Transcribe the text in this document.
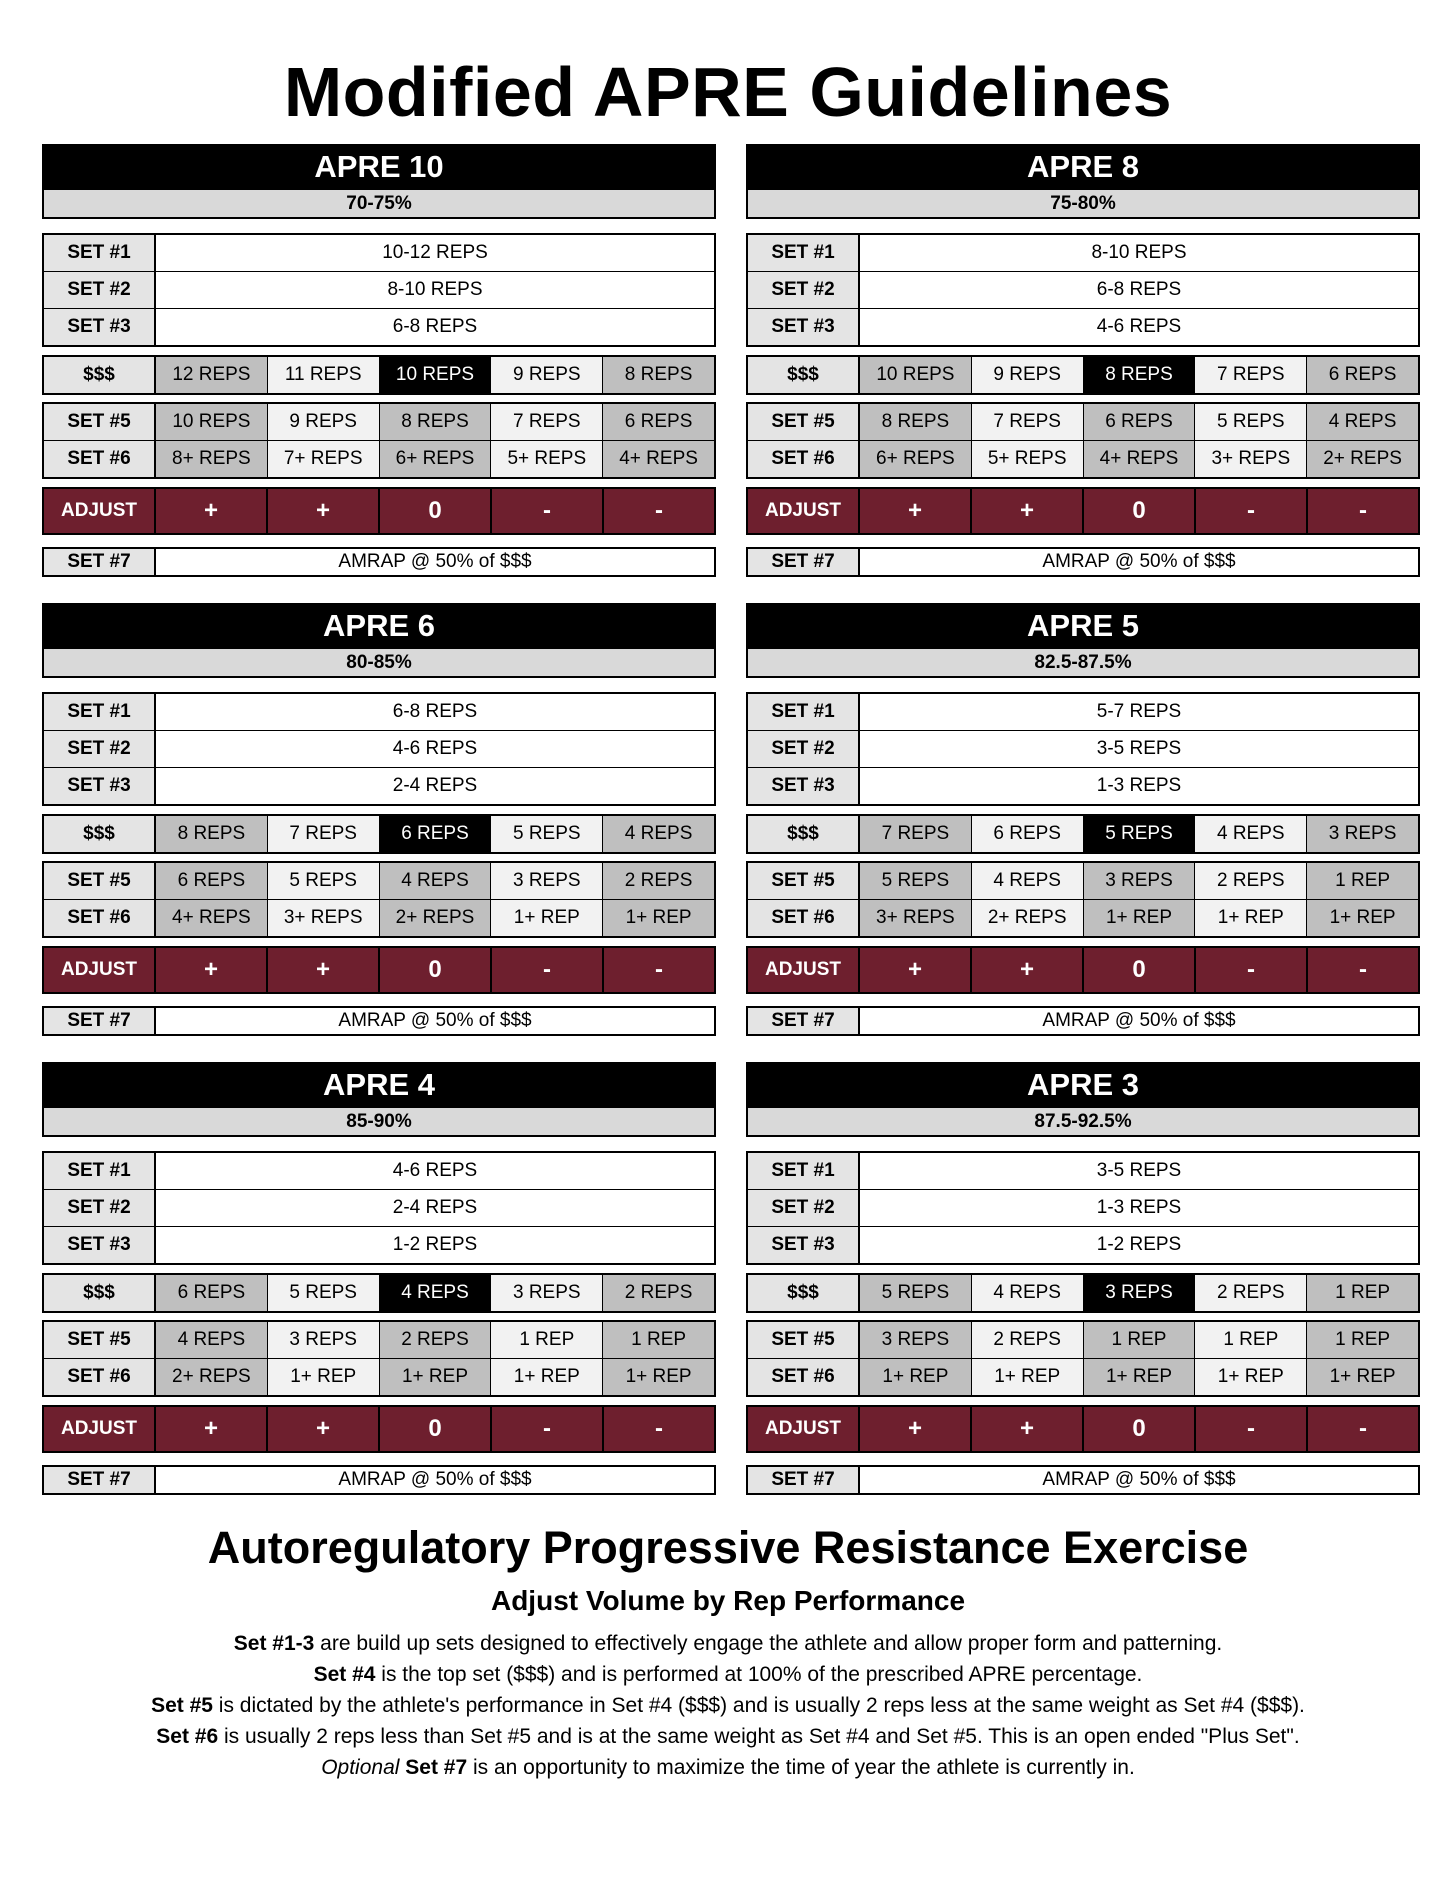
Modified APRE Guidelines
APRE 10
70-75%
SET #1	10-12 REPS
SET #2	8-10 REPS
SET #3	6-8 REPS
$$$	12 REPS	11 REPS	10 REPS	9 REPS	8 REPS
SET #5	10 REPS	9 REPS	8 REPS	7 REPS	6 REPS
SET #6	8+ REPS	7+ REPS	6+ REPS	5+ REPS	4+ REPS
ADJUST	+	+	0	-	-
SET #7	AMRAP @ 50% of $$$
APRE 8
75-80%
SET #1	8-10 REPS
SET #2	6-8 REPS
SET #3	4-6 REPS
$$$	10 REPS	9 REPS	8 REPS	7 REPS	6 REPS
SET #5	8 REPS	7 REPS	6 REPS	5 REPS	4 REPS
SET #6	6+ REPS	5+ REPS	4+ REPS	3+ REPS	2+ REPS
ADJUST	+	+	0	-	-
SET #7	AMRAP @ 50% of $$$
APRE 6
80-85%
SET #1	6-8 REPS
SET #2	4-6 REPS
SET #3	2-4 REPS
$$$	8 REPS	7 REPS	6 REPS	5 REPS	4 REPS
SET #5	6 REPS	5 REPS	4 REPS	3 REPS	2 REPS
SET #6	4+ REPS	3+ REPS	2+ REPS	1+ REP	1+ REP
ADJUST	+	+	0	-	-
SET #7	AMRAP @ 50% of $$$
APRE 5
82.5-87.5%
SET #1	5-7 REPS
SET #2	3-5 REPS
SET #3	1-3 REPS
$$$	7 REPS	6 REPS	5 REPS	4 REPS	3 REPS
SET #5	5 REPS	4 REPS	3 REPS	2 REPS	1 REP
SET #6	3+ REPS	2+ REPS	1+ REP	1+ REP	1+ REP
ADJUST	+	+	0	-	-
SET #7	AMRAP @ 50% of $$$
APRE 4
85-90%
SET #1	4-6 REPS
SET #2	2-4 REPS
SET #3	1-2 REPS
$$$	6 REPS	5 REPS	4 REPS	3 REPS	2 REPS
SET #5	4 REPS	3 REPS	2 REPS	1 REP	1 REP
SET #6	2+ REPS	1+ REP	1+ REP	1+ REP	1+ REP
ADJUST	+	+	0	-	-
SET #7	AMRAP @ 50% of $$$
APRE 3
87.5-92.5%
SET #1	3-5 REPS
SET #2	1-3 REPS
SET #3	1-2 REPS
$$$	5 REPS	4 REPS	3 REPS	2 REPS	1 REP
SET #5	3 REPS	2 REPS	1 REP	1 REP	1 REP
SET #6	1+ REP	1+ REP	1+ REP	1+ REP	1+ REP
ADJUST	+	+	0	-	-
SET #7	AMRAP @ 50% of $$$
Autoregulatory Progressive Resistance Exercise
Adjust Volume by Rep Performance
Set #1-3 are build up sets designed to effectively engage the athlete and allow proper form and patterning.
Set #4 is the top set ($$$) and is performed at 100% of the prescribed APRE percentage.
Set #5 is dictated by the athlete's performance in Set #4 ($$$) and is usually 2 reps less at the same weight as Set #4 ($$$).
Set #6 is usually 2 reps less than Set #5 and is at the same weight as Set #4 and Set #5. This is an open ended "Plus Set".
Optional Set #7 is an opportunity to maximize the time of year the athlete is currently in.
